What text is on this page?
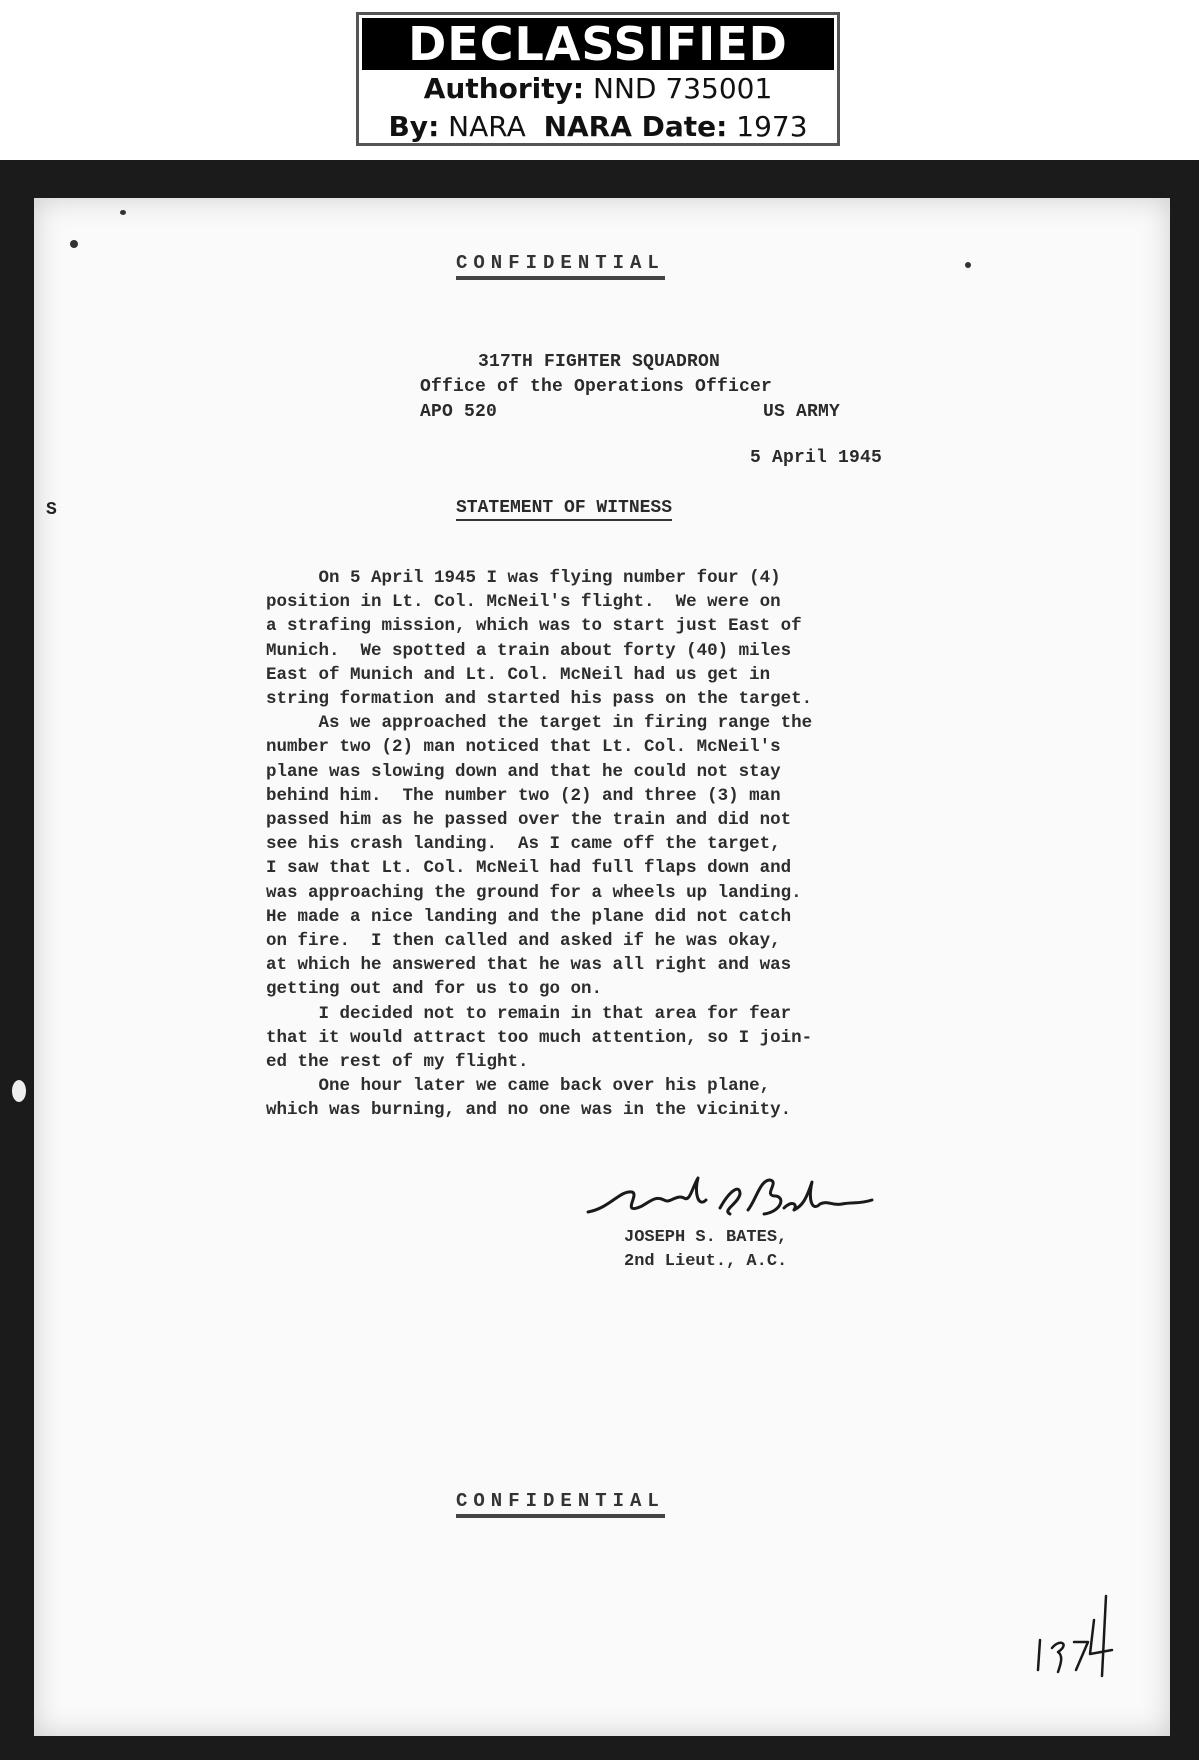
DECLASSIFIED
Authority: NND 735001
By: NARA NARA Date: 1973
CONFIDENTIAL
317TH FIGHTER SQUADRON
Office of the Operations Officer
APO 520	US ARMY
5 April 1945
S	STATEMENT OF WITNESS

On 5 April 1945 I was flying number four (4)

position in Lt. Col. McNeil's flight.  We were on

a strafing mission, which was to start just East of

Munich.  We spotted a train about forty (40) miles

East of Munich and Lt. Col. McNeil had us get in

string formation and started his pass on the target.

As we approached the target in firing range the

number two (2) man noticed that Lt. Col. McNeil's

plane was slowing down and that he could not stay

behind him.  The number two (2) and three (3) man

passed him as he passed over the train and did not

see his crash landing.  As I came off the target,

I saw that Lt. Col. McNeil had full flaps down and

was approaching the ground for a wheels up landing.

He made a nice landing and the plane did not catch

on fire.  I then called and asked if he was okay,

at which he answered that he was all right and was

getting out and for us to go on.

I decided not to remain in that area for fear

that it would attract too much attention, so I join-

ed the rest of my flight.

One hour later we came back over his plane,

which was burning, and no one was in the vicinity.

JOSEPH S. BATES,
2nd Lieut., A.C.
CONFIDENTIAL
